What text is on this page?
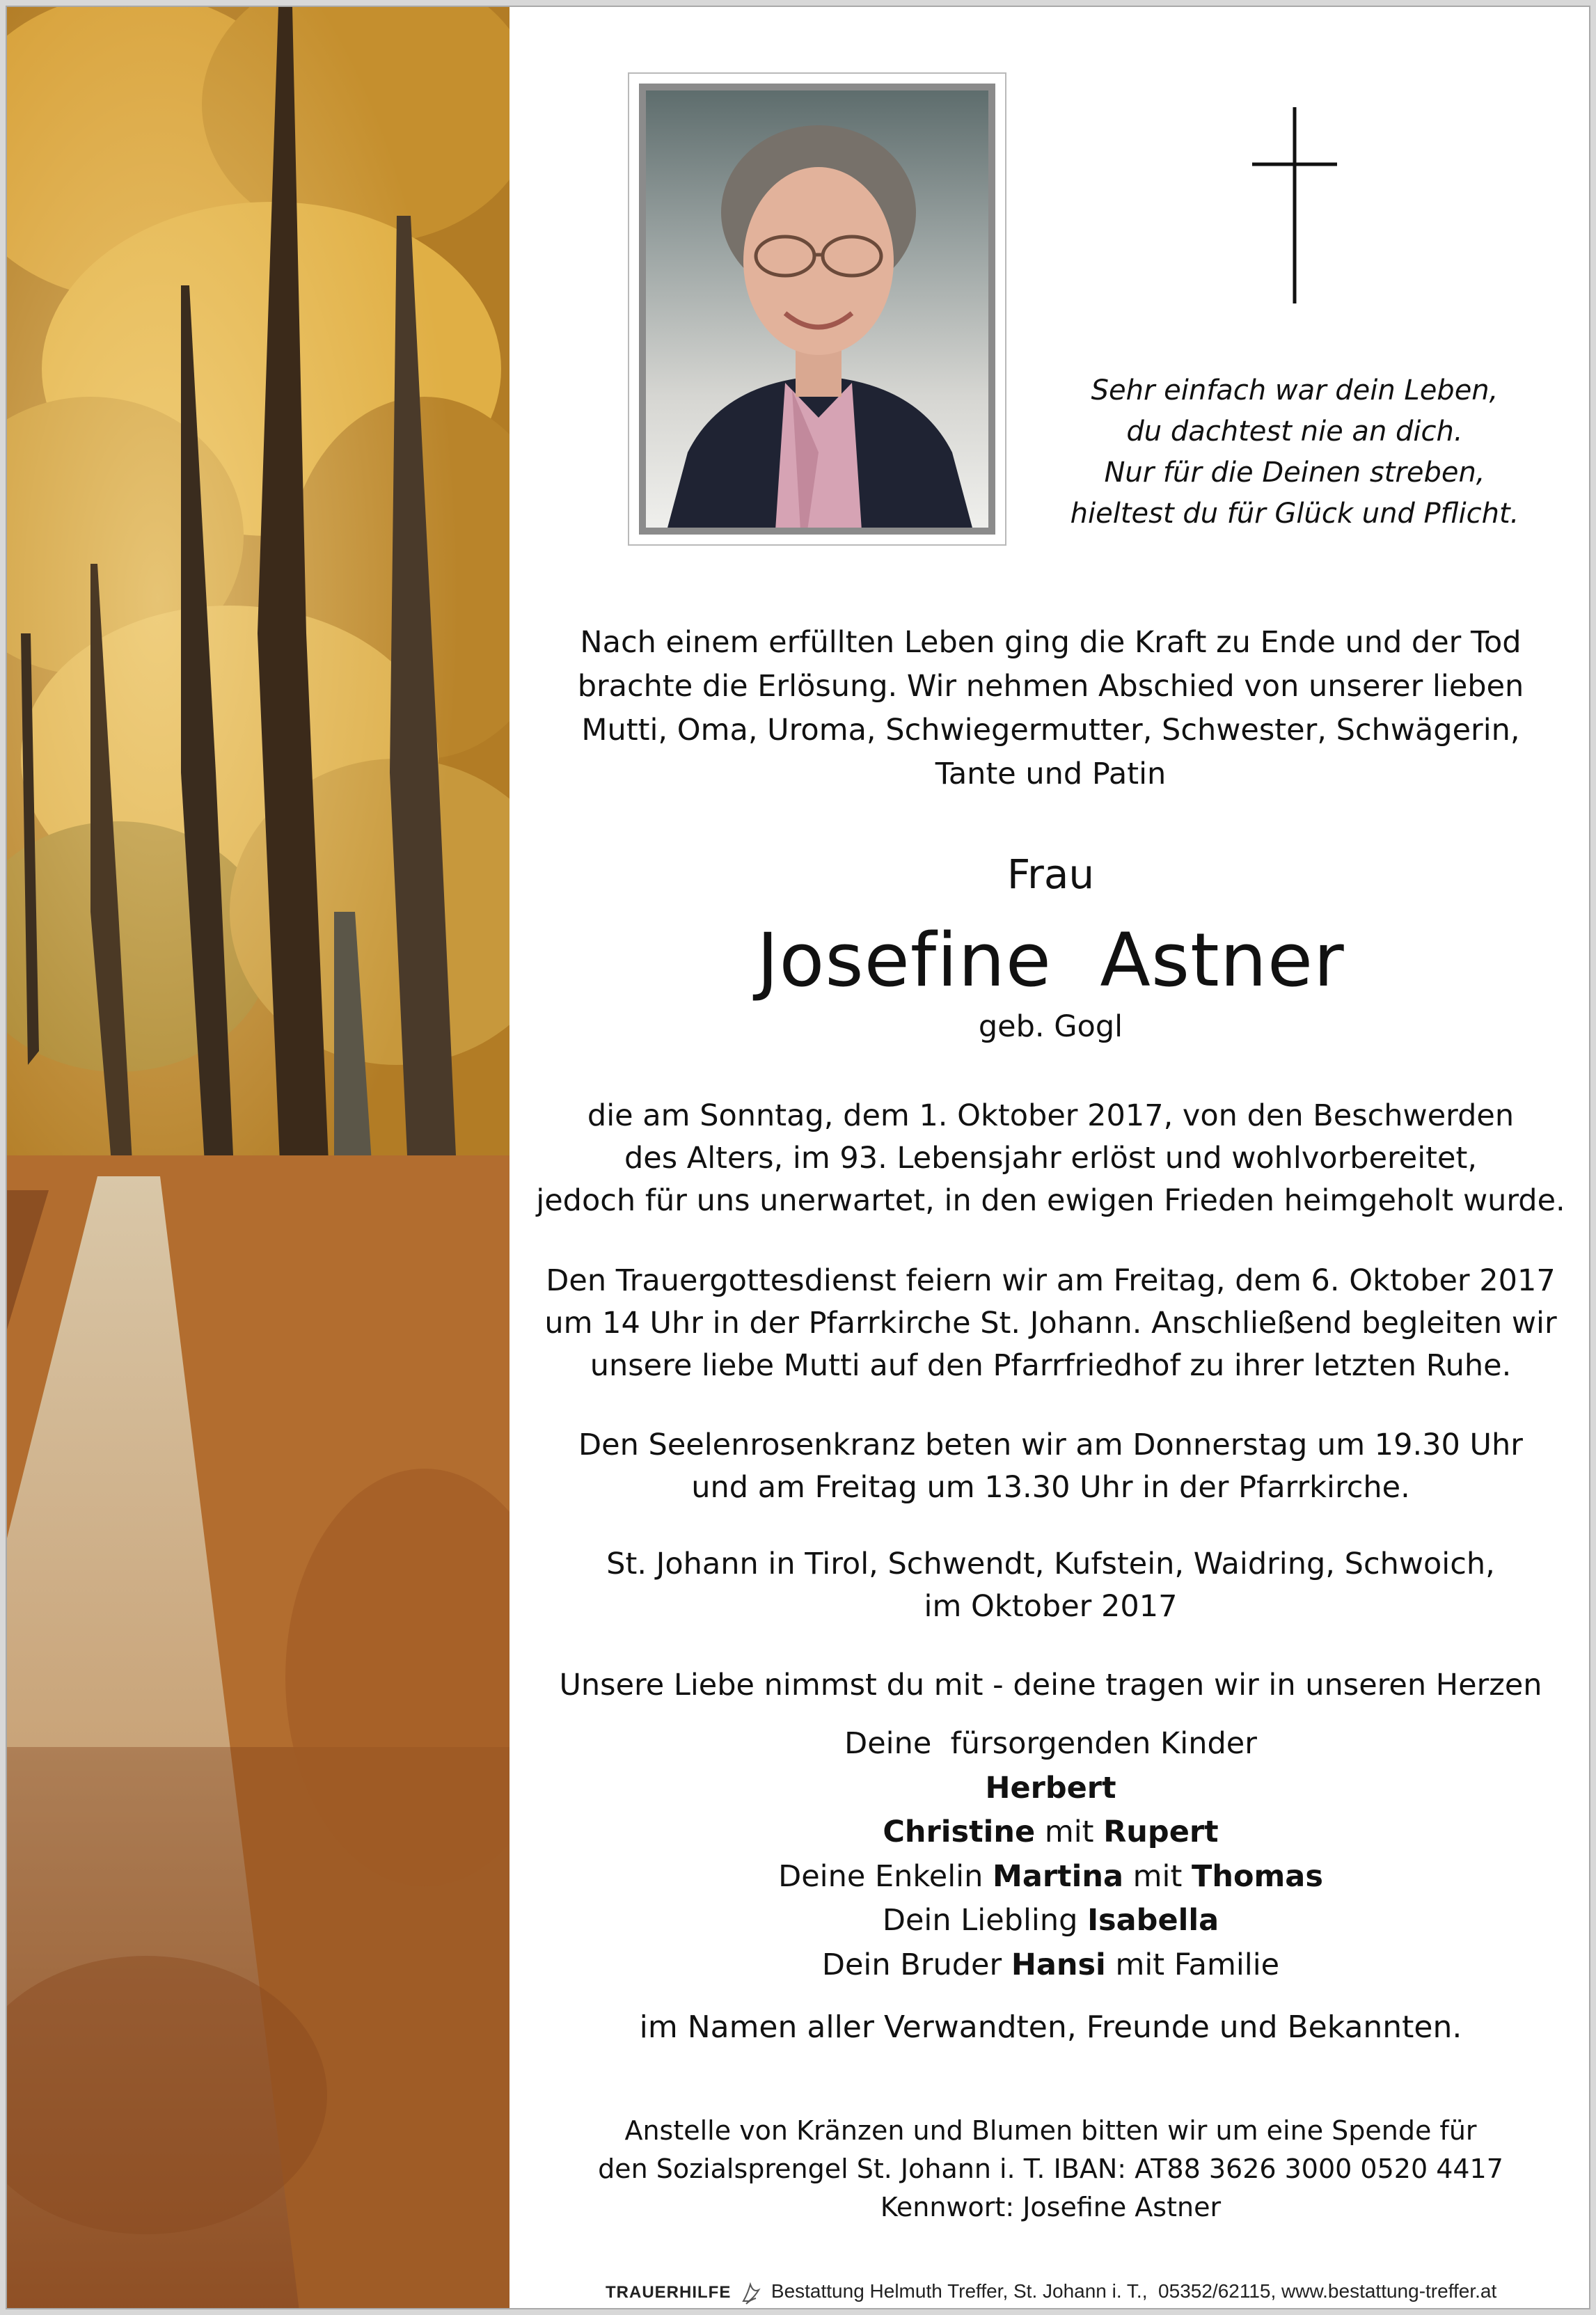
Sehr einfach war dein Leben,
du dachtest nie an dich.
Nur für die Deinen streben,
hieltest du für Glück und Pflicht.
Nach einem erfüllten Leben ging die Kraft zu Ende und der Tod
brachte die Erlösung. Wir nehmen Abschied von unserer lieben
Mutti, Oma, Uroma, Schwiegermutter, Schwester, Schwägerin,
Tante und Patin
Frau
Josefine  Astner
geb. Gogl
die am Sonntag, dem 1. Oktober 2017, von den Beschwerden
des Alters, im 93. Lebensjahr erlöst und wohlvorbereitet,
jedoch für uns unerwartet, in den ewigen Frieden heimgeholt wurde.
Den Trauergottesdienst feiern wir am Freitag, dem 6. Oktober 2017
um 14 Uhr in der Pfarrkirche St. Johann. Anschließend begleiten wir
unsere liebe Mutti auf den Pfarrfriedhof zu ihrer letzten Ruhe.
Den Seelenrosenkranz beten wir am Donnerstag um 19.30 Uhr
und am Freitag um 13.30 Uhr in der Pfarrkirche.
St. Johann in Tirol, Schwendt, Kufstein, Waidring, Schwoich,
im Oktober 2017
Unsere Liebe nimmst du mit - deine tragen wir in unseren Herzen
Deine  fürsorgenden Kinder
Herbert
Christine mit Rupert
Deine Enkelin Martina mit Thomas
Dein Liebling Isabella
Dein Bruder Hansi mit Familie
im Namen aller Verwandten, Freunde und Bekannten.
Anstelle von Kränzen und Blumen bitten wir um eine Spende für
den Sozialsprengel St. Johann i. T. IBAN: AT88 3626 3000 0520 4417
Kennwort: Josefine Astner
TRAUERHILFE Bestattung Helmuth Treffer, St. Johann i. T.,  05352/62115, www.bestattung-treffer.at
